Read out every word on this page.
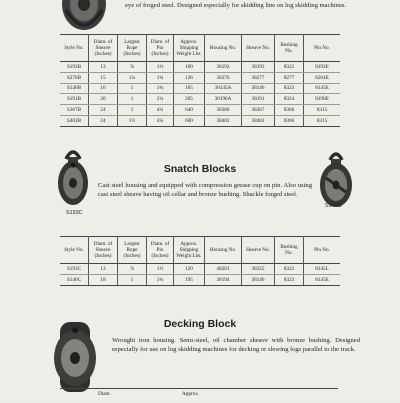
eye of forged steel. Designed especially for skidding line on log skidding machines.

Style No.	Diam. of Sheave (Inches)	Largest Rope (Inches)	Diam. of Pin (Inches)	Approx. Shipping Weight Lbs.	Housing No.	Sheave No.	Bushing No.	Pin No.
S192B	13	⅞	1½	100	38192	38193	8322	8192E
S276B	15	1¼	1¾	126	38276	38277	8277	8264E
S146B	16	1	1¾	185	38145A	38146	8323	8145E
S191B	20	1	2¼	285	38190A	38191	8324	8190E
S367B	24	1	4¼	640	38366	38367	8366	8315
S402B	24	1½	4¼	600	38403	38402	8366	8315
S193C
S146C
Snatch Blocks

Cast steel housing and equipped with compression grease cup on pin. Also using cast steel sheave having oil cellar and bronze bushing. Shackle forged steel.

Style No.	Diam. of Sheave (Inches)	Largest Rope (Inches)	Diam. of Pin (Inches)	Approx. Shipping Weight Lbs.	Housing No.	Sheave No.	Bushing No.	Pin No.
S193C	13	⅞	1½	120	48201	38325	8322	8145L
S146C	18	1	1¾	195	38194	38146	8323	8145E
Decking Block

Wrought iron housing. Semi-steel, oil chamber sheave with bronze bushing. Designed especially for use on log skidding machines for decking or slewing logs parallel to the track.

Diam.	Approx.
